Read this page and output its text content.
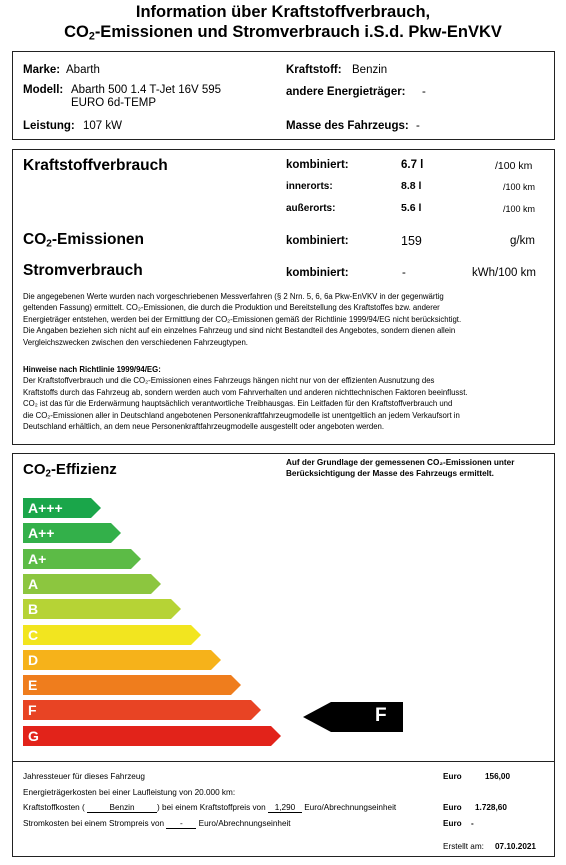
Information über Kraftstoffverbrauch,
$CO_2$-Emissionen und Stromverbrauch i.S.d. Pkw-EnVKV
Marke: Abarth
Modell: Abarth 500 1.4 T-Jet 16V 595
EURO 6d-TEMP
Leistung: 107 kW
Kraftstoff: Benzin
andere Energieträger: -
Masse des Fahrzeugs: -
Kraftstoffverbrauch	kombiniert:	6.7 l	/100 km
innerorts:	8.8 l	/100 km
außerorts:	5.6 l	/100 km
$CO_2$-Emissionen	kombiniert:	159	g/km
Stromverbrauch	kombiniert:	-	kWh/100 km
Die angegebenen Werte wurden nach vorgeschriebenen Messverfahren (§ 2 Nrn. 5, 6, 6a Pkw-EnVKV in der gegenwärtig
geltenden Fassung) ermittelt. CO₂-Emissionen, die durch die Produktion und Bereitstellung des Kraftstoffes bzw. anderer
Energieträger entstehen, werden bei der Ermittlung der CO₂-Emissionen gemäß der Richtlinie 1999/94/EG nicht berücksichtigt.
Die Angaben beziehen sich nicht auf ein einzelnes Fahrzeug und sind nicht Bestandteil des Angebotes, sondern dienen allein
Vergleichszwecken zwischen den verschiedenen Fahrzeugtypen.
Hinweise nach Richtlinie 1999/94/EG:
Der Kraftstoffverbrauch und die CO₂-Emissionen eines Fahrzeugs hängen nicht nur von der effizienten Ausnutzung des
Kraftstoffs durch das Fahrzeug ab, sondern werden auch vom Fahrverhalten und anderen nichttechnischen Faktoren beeinflusst.
CO₂ ist das für die Erderwärmung hauptsächlich verantwortliche Treibhausgas. Ein Leitfaden für den Kraftstoffverbrauch und
die CO₂-Emissionen aller in Deutschland angebotenen Personenkraftfahrzeugmodelle ist unentgeltlich an jedem Verkaufsort in
Deutschland erhältlich, an dem neue Personenkraftfahrzeugmodelle ausgestellt oder angeboten werden.
$CO_2$-Effizienz	Auf der Grundlage der gemessenen CO₂-Emissionen unter
Berücksichtigung der Masse des Fahrzeugs ermittelt.
A+++
A++
A+
A
B
C
D
E
F
G
F
Jahressteuer für dieses Fahrzeug	Euro	156,00
Energieträgerkosten bei einer Laufleistung von 20.000 km:
Kraftstoffkosten (	Benzin	) bei einem Kraftstoffpreis von 1,290 Euro/Abrechnungseinheit	Euro 1.728,60
Stromkosten bei einem Strompreis von - Euro/Abrechnungseinheit	Euro -
Erstellt am: 07.10.2021
